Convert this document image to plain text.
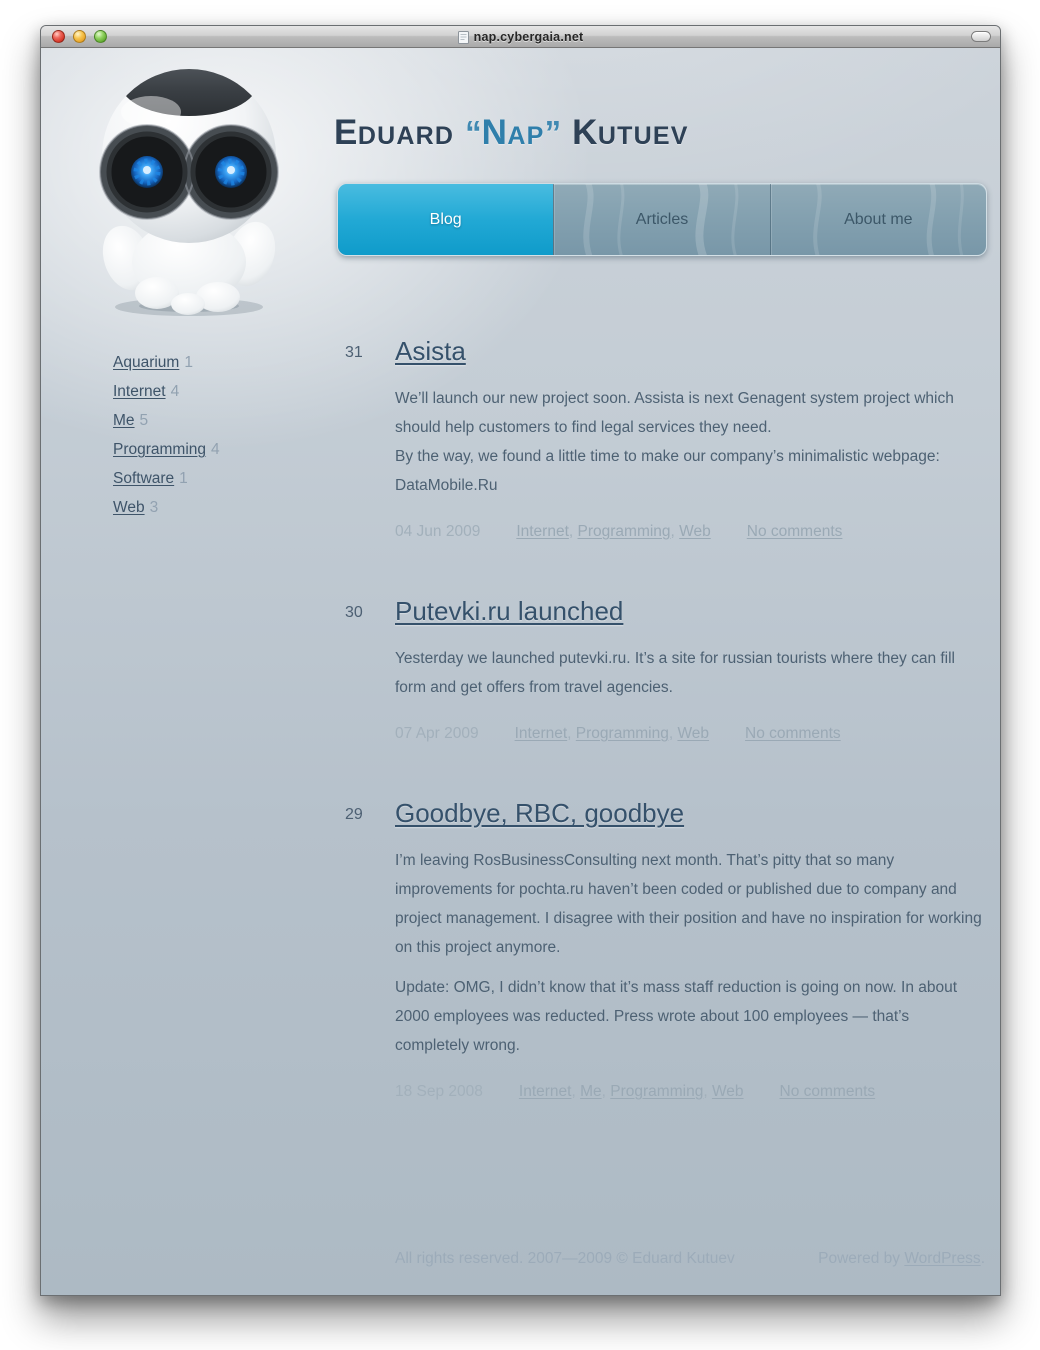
nap.cybergaia.net
EDUARD “NAP” KUTUEV
Blog	Articles	About me
Aquarium 1
Internet 4
Me 5
Programming 4
Software 1
Web 3
31	Asista

We’ll launch our new project soon. Assista is next Genagent system project which should help customers to find legal services they need.
By the way, we found a little time to make our company’s minimalistic webpage: DataMobile.Ru

04 Jun 2009 Internet , Programming , Web No comments
30	Putevki.ru launched

Yesterday we launched putevki.ru. It’s a site for russian tourists where they can fill form and get offers from travel agencies.

07 Apr 2009 Internet , Programming , Web No comments
29	Goodbye, RBC, goodbye

I’m leaving RosBusinessConsulting next month. That’s pitty that so many improvements for pochta.ru haven’t been coded or published due to company and project management. I disagree with their position and have no inspiration for working on this project anymore.

Update: OMG, I didn’t know that it’s mass staff reduction is going on now. In about 2000 employees was reducted. Press wrote about 100 employees — that’s completely wrong.

18 Sep 2008 Internet , Me , Programming , Web No comments
All rights reserved. 2007—2009 © Eduard Kutuev	Powered by WordPress.
